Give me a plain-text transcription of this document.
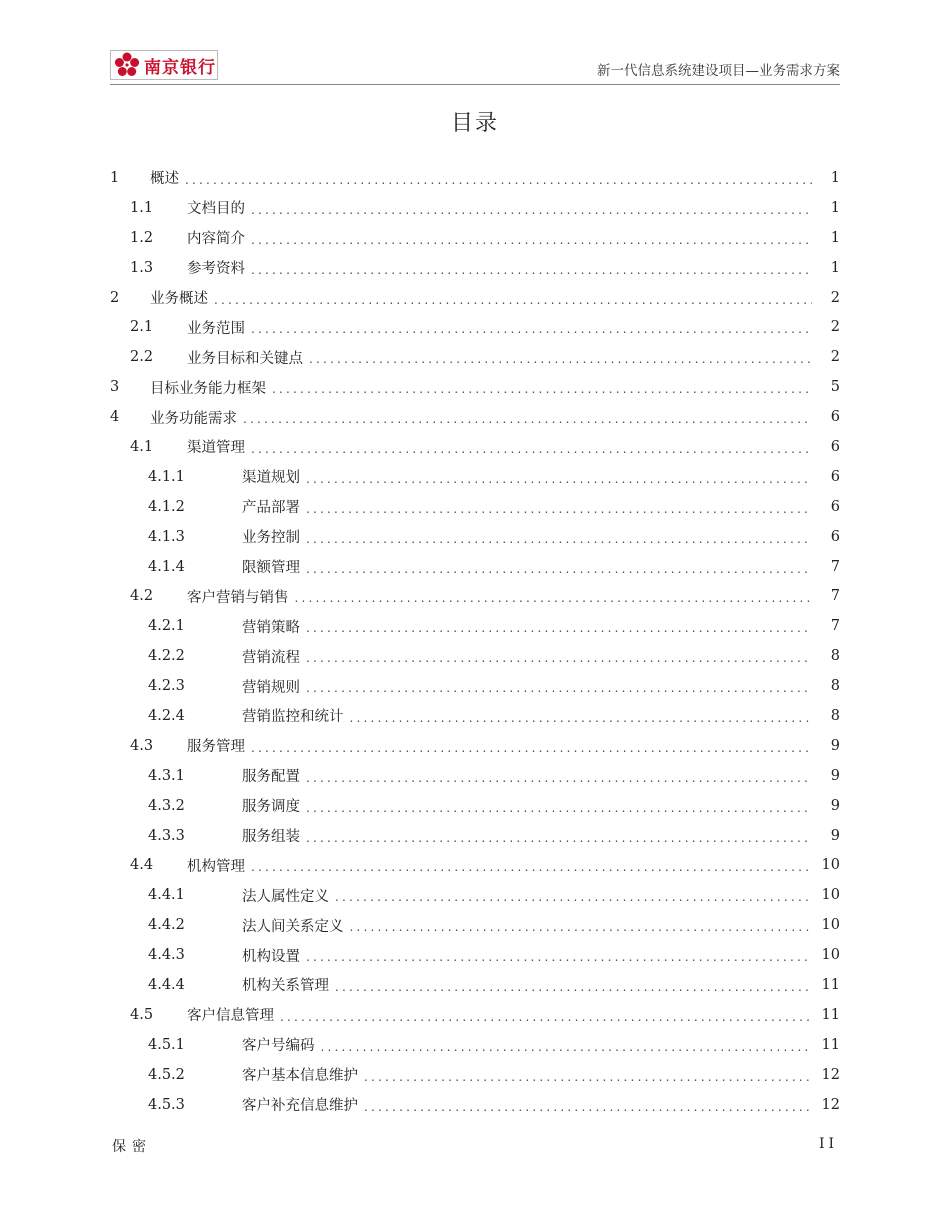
南京银行	新一代信息系统建设项目—业务需求方案
目录
1	概述 .....	1
1.1	文档目的 .....	1
1.2	内容简介 .....	1
1.3	参考资料 .....	1
2	业务概述 .....	2
2.1	业务范围 .....	2
2.2	业务目标和关键点 .....	2
3	目标业务能力框架 .....	5
4	业务功能需求 .....	6
4.1	渠道管理 .....	6
4.1.1	渠道规划 .....	6
4.1.2	产品部署 .....	6
4.1.3	业务控制 .....	6
4.1.4	限额管理 .....	7
4.2	客户营销与销售 .....	7
4.2.1	营销策略 .....	7
4.2.2	营销流程 .....	8
4.2.3	营销规则 .....	8
4.2.4	营销监控和统计 .....	8
4.3	服务管理 .....	9
4.3.1	服务配置 .....	9
4.3.2	服务调度 .....	9
4.3.3	服务组装 .....	9
4.4	机构管理 .....	10
4.4.1	法人属性定义 .....	10
4.4.2	法人间关系定义 .....	10
4.4.3	机构设置 .....	10
4.4.4	机构关系管理 .....	11
4.5	客户信息管理 .....	11
4.5.1	客户号编码 .....	11
4.5.2	客户基本信息维护 .....	12
4.5.3	客户补充信息维护 .....	12
保密	II
